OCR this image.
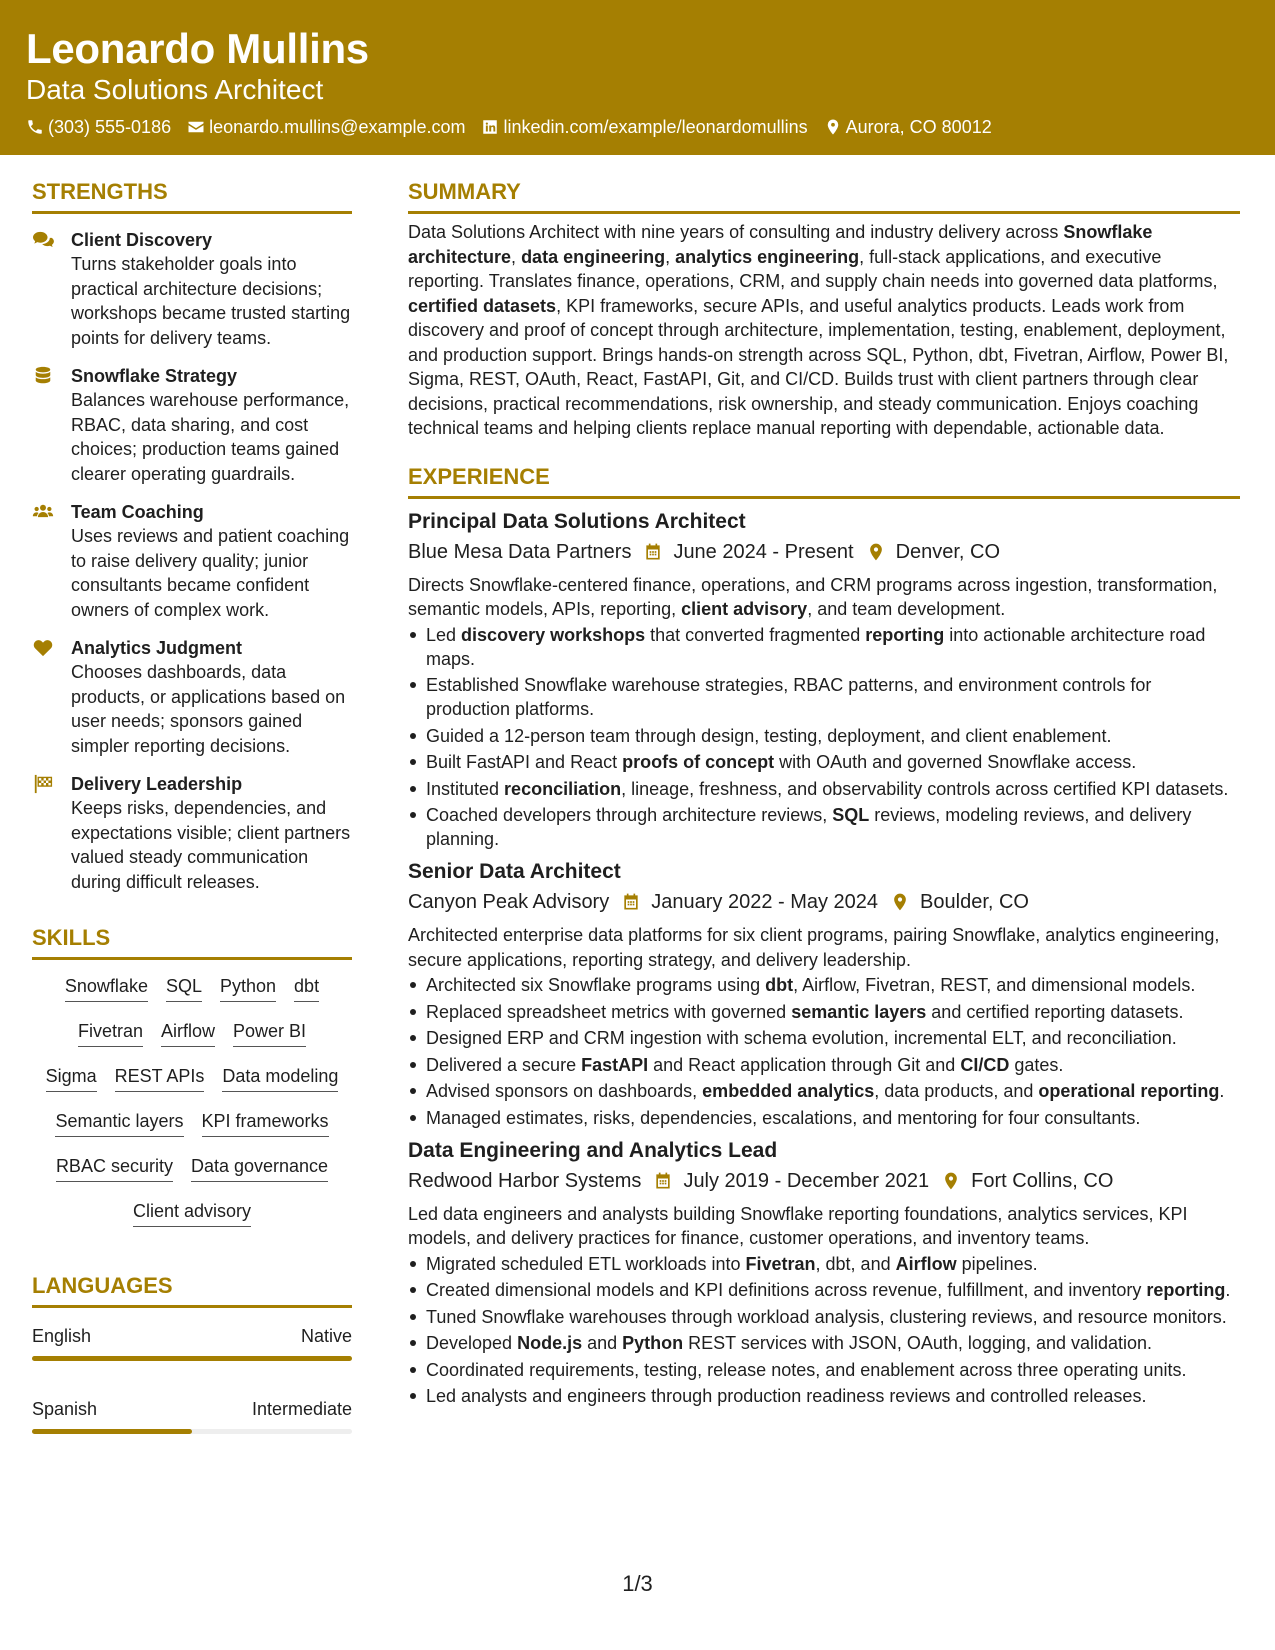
Leonardo Mullins
Data Solutions Architect
(303) 555-0186 leonardo.mullins@example.com linkedin.com/example/leonardomullins Aurora, CO 80012
STRENGTHS
Client Discovery
Turns stakeholder goals into practical architecture decisions; workshops became trusted starting points for delivery teams.
Snowflake Strategy
Balances warehouse performance, RBAC, data sharing, and cost choices; production teams gained clearer operating guardrails.
Team Coaching
Uses reviews and patient coaching to raise delivery quality; junior consultants became confident owners of complex work.
Analytics Judgment
Chooses dashboards, data products, or applications based on user needs; sponsors gained simpler reporting decisions.
Delivery Leadership
Keeps risks, dependencies, and expectations visible; client partners valued steady communication during difficult releases.
SKILLS
Snowflake SQL Python dbt
Fivetran Airflow Power BI
Sigma REST APIs Data modeling
Semantic layers KPI frameworks
RBAC security Data governance
Client advisory
LANGUAGES
English	Native
Spanish	Intermediate
SUMMARY
Data Solutions Architect with nine years of consulting and industry delivery across Snowflake architecture, data engineering, analytics engineering, full-stack applications, and executive reporting. Translates finance, operations, CRM, and supply chain needs into governed data platforms, certified datasets, KPI frameworks, secure APIs, and useful analytics products. Leads work from discovery and proof of concept through architecture, implementation, testing, enablement, deployment, and production support. Brings hands-on strength across SQL, Python, dbt, Fivetran, Airflow, Power BI, Sigma, REST, OAuth, React, FastAPI, Git, and CI/CD. Builds trust with client partners through clear decisions, practical recommendations, risk ownership, and steady communication. Enjoys coaching technical teams and helping clients replace manual reporting with dependable, actionable data.
EXPERIENCE
Principal Data Solutions Architect
Blue Mesa Data Partners June 2024 - Present Denver, CO
Directs Snowflake-centered finance, operations, and CRM programs across ingestion, transformation, semantic models, APIs, reporting, client advisory, and team development.
Led discovery workshops that converted fragmented reporting into actionable architecture road maps.
Established Snowflake warehouse strategies, RBAC patterns, and environment controls for production platforms.
Guided a 12-person team through design, testing, deployment, and client enablement.
Built FastAPI and React proofs of concept with OAuth and governed Snowflake access.
Instituted reconciliation, lineage, freshness, and observability controls across certified KPI datasets.
Coached developers through architecture reviews, SQL reviews, modeling reviews, and delivery planning.
Senior Data Architect
Canyon Peak Advisory January 2022 - May 2024 Boulder, CO
Architected enterprise data platforms for six client programs, pairing Snowflake, analytics engineering, secure applications, reporting strategy, and delivery leadership.
Architected six Snowflake programs using dbt, Airflow, Fivetran, REST, and dimensional models.
Replaced spreadsheet metrics with governed semantic layers and certified reporting datasets.
Designed ERP and CRM ingestion with schema evolution, incremental ELT, and reconciliation.
Delivered a secure FastAPI and React application through Git and CI/CD gates.
Advised sponsors on dashboards, embedded analytics, data products, and operational reporting.
Managed estimates, risks, dependencies, escalations, and mentoring for four consultants.
Data Engineering and Analytics Lead
Redwood Harbor Systems July 2019 - December 2021 Fort Collins, CO
Led data engineers and analysts building Snowflake reporting foundations, analytics services, KPI models, and delivery practices for finance, customer operations, and inventory teams.
Migrated scheduled ETL workloads into Fivetran, dbt, and Airflow pipelines.
Created dimensional models and KPI definitions across revenue, fulfillment, and inventory reporting.
Tuned Snowflake warehouses through workload analysis, clustering reviews, and resource monitors.
Developed Node.js and Python REST services with JSON, OAuth, logging, and validation.
Coordinated requirements, testing, release notes, and enablement across three operating units.
Led analysts and engineers through production readiness reviews and controlled releases.
1/3
